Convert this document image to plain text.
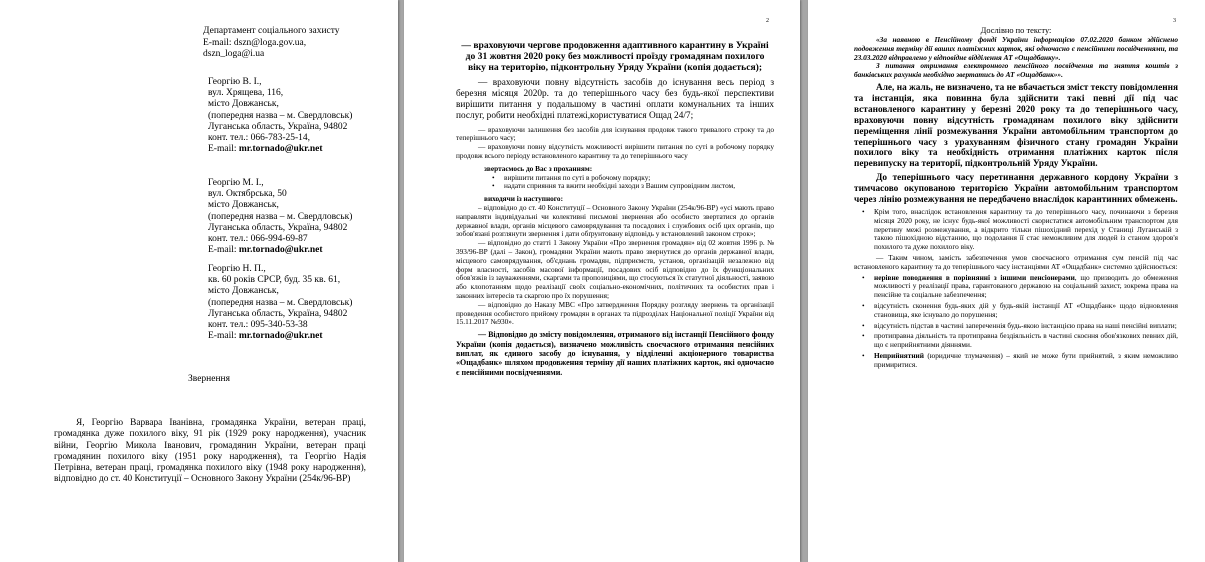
Департамент соціального захисту
E-mail: dszn@loga.gov.ua,
dszn_loga@i.ua
Георгію В. І.,
вул. Хрящева, 116,
місто Довжанськ,
(попередня назва – м. Свердловськ)
Луганська область, Україна, 94802
конт. тел.: 066-783-25-14,
E-mail: mr.tornado@ukr.net
Георгію М. І.,
вул. Октябрська, 50
місто Довжанськ,
(попередня назва – м. Свердловськ)
Луганська область, Україна, 94802
конт. тел.: 066-994-69-87
E-mail: mr.tornado@ukr.net
Георгію Н. П.,
кв. 60 років СРСР, буд. 35 кв. 61,
місто Довжанськ,
(попередня назва – м. Свердловськ)
Луганська область, Україна, 94802
конт. тел.: 095-340-53-38
E-mail: mr.tornado@ukr.net
Звернення
Я, Георгію Варвара Іванівна, громадянка України, ветеран праці, громадянка дуже похилого віку, 91 рік (1929 року народження), учасник війни, Георгію Микола Іванович, громадянин України, ветеран праці громадянин похилого віку (1951 року народження), та Георгію Надія Петрівна, ветеран праці, громадянка похилого віку (1948 року народження), відповідно до ст. 40 Конституції – Основного Закону України (254к/96-ВР)
2

— враховуючи чергове продовження адаптивного карантину в Україні до 31 жовтня 2020 року без можливості проїзду громадянам похилого віку на територію, підконтрольну Уряду України (копія додається);

— враховуючи повну відсутність засобів до існування весь період з березня місяця 2020р. та до теперішнього часу без будь-якої перспективи вирішити питання у подальшому в частині оплати комунальних та інших послуг, робити необхідні платежі,користуватися Ощад 24/7;

— враховуючи залишення без засобів для існування продовж такого тривалого строку та до теперішнього часу;

— враховуючи повну відсутність можливості вирішити питання по суті в робочому порядку продовж всього періоду встановленого карантину та до теперішнього часу

звертаємось до Вас з проханням:

• вирішити питання по суті в робочому порядку;

• надати сприяння та вжити необхідні заходи з Вашим супровідним листом,

виходячи із наступного:

– відповідно до ст. 40 Конституції – Основного Закону України (254к/96-ВР) «усі мають право направляти індивідуальні чи колективні письмові звернення або особисто звертатися до органів державної влади, органів місцевого самоврядування та посадових і службових осіб цих органів, що зобов'язані розглянути звернення і дати обґрунтовану відповідь у встановлений законом строк»;

— відповідно до статті 1 Закону України «Про звернення громадян» від 02 жовтня 1996 р. № 393/96-ВР (далі – Закон), громадяни України мають право звернутися до органів державної влади, місцевого самоврядування, об'єднань громадян, підприємств, установ, організацій незалежно від форм власності, засобів масової інформації, посадових осіб відповідно до їх функціональних обов'язків із зауваженнями, скаргами та пропозиціями, що стосуються їх статутної діяльності, заявою або клопотанням щодо реалізації своїх соціально-економічних, політичних та особистих прав і законних інтересів та скаргою про їх порушення;

— відповідно до Наказу МВС «Про затвердження Порядку розгляду звернень та організації проведення особистого прийому громадян в органах та підрозділах Національної поліції України від 15.11.2017 №930».

— Відповідно до змісту повідомлення, отриманого від інстанції Пенсійного фонду України (копія додається), визначено можливість своєчасного отримання пенсійних виплат, як єдиного засобу до існування, у відділенні акціонерного товариства «Ощадбанк» шляхом продовження терміну дії наших платіжних карток, які одночасно є пенсійними посвідченнями.

3

Дослівно по тексту:

«За наявною в Пенсійному фонді України інформацією 07.02.2020 банком здійснено подовження терміну дії ваших платіжних карток, які одночасно є пенсійними посвідченнями, та 23.03.2020 відправлено у відповідне відділення АТ «Ощадбанку».

З питання отримання електронного пенсійного посвідчення та зняття коштів з банківських рахунків необхідно звертатись до АТ «Ощадбанк»».

Але, на жаль, не визначено, та не вбачається зміст тексту повідомлення та інстанція, яка повинна була здійснити такі певні дії під час встановленого карантину у березні 2020 року та до теперішнього часу, враховуючи повну відсутність громадянам похилого віку здійснити переміщення лінії розмежування України автомобільним транспортом до теперішнього часу з урахуванням фізичного стану громадян України похилого віку та необхідність отримання платіжних карток після перевипуску на території, підконтрольній Уряду України.

До теперішнього часу перетинання державного кордону України з тимчасово окупованою територією України автомобільним транспортом через лінію розмежування не передбачено внаслідок карантинних обмежень.

• Крім того, внаслідок встановлення карантину та до теперішнього часу, починаючи з березня місяця 2020 року, не існує будь-якої можливості скористатися автомобільним транспортом для перетину межі розмежування, а відкрито тільки пішохідний перехід у Станиці Луганській з такою пішохідною відстанню, що подолання її стає неможливим для людей із станом здоров'я похилого та дуже похилого віку.

— Таким чином, замість забезпечення умов своєчасного отримання сум пенсій під час встановленого карантину та до теперішнього часу інстанціями АТ «Ощадбанк» системно здійснюється:

• нерівне поводження в порівнянні з іншими пенсіонерами, що призводить до обмеження можливості у реалізації права, гарантованого державою на соціальний захист, зокрема права на пенсійне та соціальне забезпечення;

• відсутність сконення будь-яких дій у будь-якій інстанції АТ «Ощадбанк» щодо відновлення становища, яке існувало до порушення;

• відсутність підстав в частині запереченнія будь-якою інстанцією права на наші пенсійні виплати;

• протиправна діяльність та протиправна бездіяльність в частині скоєння обов'язкових певних дій, що є неприйнятними діяннями.

• Неприйнятний (юридичне тлумачення) – який не може бути прийнятий, з яким неможливо примиритися.
